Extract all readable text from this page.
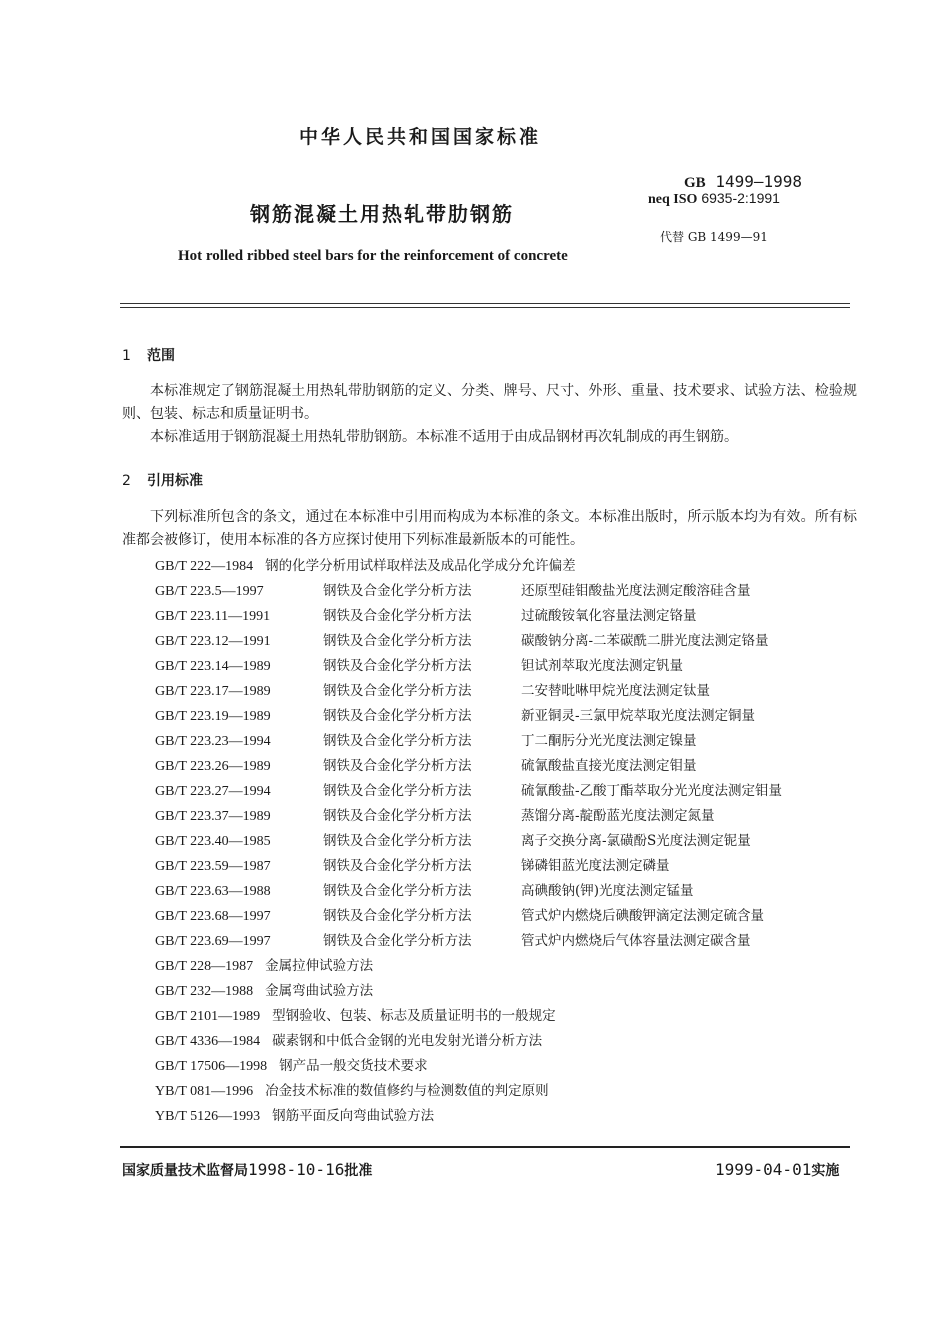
中华人民共和国国家标准
钢筋混凝土用热轧带肋钢筋
GB 1499—1998
neq ISO 6935-2:1991
代替 GB 1499—91
Hot rolled ribbed steel bars for the reinforcement of concrete
1 范围

本标准规定了钢筋混凝土用热轧带肋钢筋的定义、分类、牌号、尺寸、外形、重量、技术要求、试验方法、检验规则、包装、标志和质量证明书。

本标准适用于钢筋混凝土用热轧带肋钢筋。本标准不适用于由成品钢材再次轧制成的再生钢筋。

2 引用标准

下列标准所包含的条文，通过在本标准中引用而构成为本标准的条文。本标准出版时，所示版本均为有效。所有标准都会被修订，使用本标准的各方应探讨使用下列标准最新版本的可能性。

GB/T 222—1984 钢的化学分析用试样取样法及成品化学成分允许偏差
GB/T 223.5—1997	钢铁及合金化学分析方法	还原型硅钼酸盐光度法测定酸溶硅含量
GB/T 223.11—1991	钢铁及合金化学分析方法	过硫酸铵氧化容量法测定铬量
GB/T 223.12—1991	钢铁及合金化学分析方法	碳酸钠分离-二苯碳酰二肼光度法测定铬量
GB/T 223.14—1989	钢铁及合金化学分析方法	钽试剂萃取光度法测定钒量
GB/T 223.17—1989	钢铁及合金化学分析方法	二安替吡啉甲烷光度法测定钛量
GB/T 223.19—1989	钢铁及合金化学分析方法	新亚铜灵-三氯甲烷萃取光度法测定铜量
GB/T 223.23—1994	钢铁及合金化学分析方法	丁二酮肟分光光度法测定镍量
GB/T 223.26—1989	钢铁及合金化学分析方法	硫氰酸盐直接光度法测定钼量
GB/T 223.27—1994	钢铁及合金化学分析方法	硫氰酸盐-乙酸丁酯萃取分光光度法测定钼量
GB/T 223.37—1989	钢铁及合金化学分析方法	蒸馏分离-靛酚蓝光度法测定氮量
GB/T 223.40—1985	钢铁及合金化学分析方法	离子交换分离-氯磺酚S光度法测定铌量
GB/T 223.59—1987	钢铁及合金化学分析方法	锑磷钼蓝光度法测定磷量
GB/T 223.63—1988	钢铁及合金化学分析方法	高碘酸钠(钾)光度法测定锰量
GB/T 223.68—1997	钢铁及合金化学分析方法	管式炉内燃烧后碘酸钾滴定法测定硫含量
GB/T 223.69—1997	钢铁及合金化学分析方法	管式炉内燃烧后气体容量法测定碳含量
GB/T 228—1987 金属拉伸试验方法
GB/T 232—1988 金属弯曲试验方法
GB/T 2101—1989 型钢验收、包装、标志及质量证明书的一般规定
GB/T 4336—1984 碳素钢和中低合金钢的光电发射光谱分析方法
GB/T 17506—1998 钢产品一般交货技术要求
YB/T 081—1996 冶金技术标准的数值修约与检测数值的判定原则
YB/T 5126—1993 钢筋平面反向弯曲试验方法
国家质量技术监督局1998-10-16批准	1999-04-01实施
